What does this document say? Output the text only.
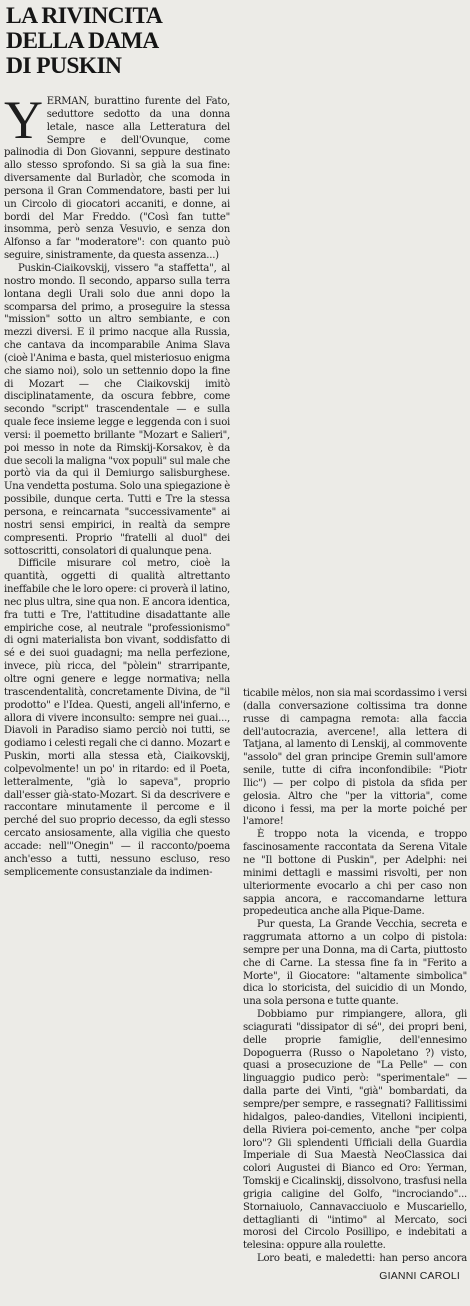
LA RIVINCITA
DELLA DAMA
DI PUSKIN

YERMAN, burattino furente del Fato, seduttore sedotto da una donna letale, nasce alla Letteratura del Sempre e dell'Ovunque, come palinodia di Don Giovanni, seppure destinato allo stesso sprofondo. Si sa già la sua fine: diversamente dal Burladòr, che scomoda in persona il Gran Commendatore, basti per lui un Circolo di giocatori accaniti, e donne, ai bordi del Mar Freddo. ("Così fan tutte" insomma, però senza Vesuvio, e senza don Alfonso a far "moderatore": con quanto può seguire, sinistramente, da questa assenza...)

Puskin-Ciaikovskij, vissero "a staffetta", al nostro mondo. Il secondo, apparso sulla terra lontana degli Urali solo due anni dopo la scomparsa del primo, a proseguire la stessa "mission" sotto un altro sembiante, e con mezzi diversi. E il primo nacque alla Russia, che cantava da incomparabile Anima Slava (cioè l'Anima e basta, quel misteriosuo enigma che siamo noi), solo un settennio dopo la fine di Mozart — che Ciaikovskij imitò disciplinatamente, da oscura febbre, come secondo "script" trascendentale — e sulla quale fece insieme legge e leggenda con i suoi versi: il poemetto brillante "Mozart e Salieri", poi messo in note da Rimskij-Korsakov, è da due secoli la maligna "vox populi" sul male che portò via da qui il Demiurgo salisburghese. Una vendetta postuma. Solo una spiegazione è possibile, dunque certa. Tutti e Tre la stessa persona, e reincarnata "successivamente" ai nostri sensi empirici, in realtà da sempre compresenti. Proprio "fratelli al duol" dei sottoscritti, consolatori di qualunque pena.

Difficile misurare col metro, cioè la quantità, oggetti di qualità altrettanto ineffabile che le loro opere: ci proverà il latino, nec plus ultra, sine qua non. E ancora identica, fra tutti e Tre, l'attitudine disadattante alle empiriche cose, al neutrale "professionismo" di ogni materialista bon vivant, soddisfatto di sé e dei suoi guadagni; ma nella perfezione, invece, più ricca, del "pòlein" strarripante, oltre ogni genere e legge normativa; nella trascendentalità, concretamente Divina, de "il prodotto" e l'Idea. Questi, angeli all'inferno, e allora di vivere inconsulto: sempre nei guai..., Diavoli in Paradiso siamo perciò noi tutti, se godiamo i celesti regali che ci danno. Mozart e Puskin, morti alla stessa età, Ciaikovskij, colpevolmente! un po' in ritardo: ed il Poeta, letteralmente, "già lo sapeva", proprio dall'esser già-stato-Mozart. Si da descrivere e raccontare minutamente il percome e il perché del suo proprio decesso, da egli stesso cercato ansiosamente, alla vigilia che questo accade: nell'"Onegin" — il racconto/poema anch'esso a tutti, nessuno escluso, reso semplicemente consustanziale da indimen-

ticabile mèlos, non sia mai scordassimo i versi (dalla conversazione coltissima tra donne russe di campagna remota: alla faccia dell'autocrazia, avercene!, alla lettera di Tatjana, al lamento di Lenskij, al commovente "assolo" del gran principe Gremin sull'amore senile, tutte di cifra inconfondibile: "Piotr Ilic") — per colpo di pistola da sfida per gelosia. Altro che "per la vittoria", come dicono i fessi, ma per la morte poiché per l'amore!

È troppo nota la vicenda, e troppo fascinosamente raccontata da Serena Vitale ne "Il bottone di Puskin", per Adelphi: nei minimi dettagli e massimi risvolti, per non ulteriormente evocarlo a chi per caso non sappia ancora, e raccomandarne lettura propedeutica anche alla Pique-Dame.

Pur questa, La Grande Vecchia, secreta e raggrumata attorno a un colpo di pistola: sempre per una Donna, ma di Carta, piuttosto che di Carne. La stessa fine fa in "Ferito a Morte", il Giocatore: "altamente simbolica" dica lo storicista, del suicidio di un Mondo, una sola persona e tutte quante.

Dobbiamo pur rimpiangere, allora, gli sciagurati "dissipator di sé", dei propri beni, delle proprie famiglie, dell'ennesimo Dopoguerra (Russo o Napoletano ?) visto, quasi a prosecuzione de "La Pelle" — con linguaggio pudico però: "sperimentale" — dalla parte dei Vinti, "già" bombardati, da sempre/per sempre, e rassegnati? Fallitissimi hidalgos, paleo-dandies, Vitelloni incipienti, della Riviera poi-cemento, anche "per colpa loro"? Gli splendenti Ufficiali della Guardia Imperiale di Sua Maestà NeoClassica dai colori Augustei di Bianco ed Oro: Yerman, Tomskij e Cicalinskij, dissolvono, trasfusi nella grigia caligine del Golfo, "incrociando"... Stornaiuolo, Cannavacciuolo e Muscariello, dettaglianti di "intimo" al Mercato, soci morosi del Circolo Posillipo, e indebitati a telesina: oppure alla roulette.

Loro beati, e maledetti: han perso ancora

GIANNI CAROLI
